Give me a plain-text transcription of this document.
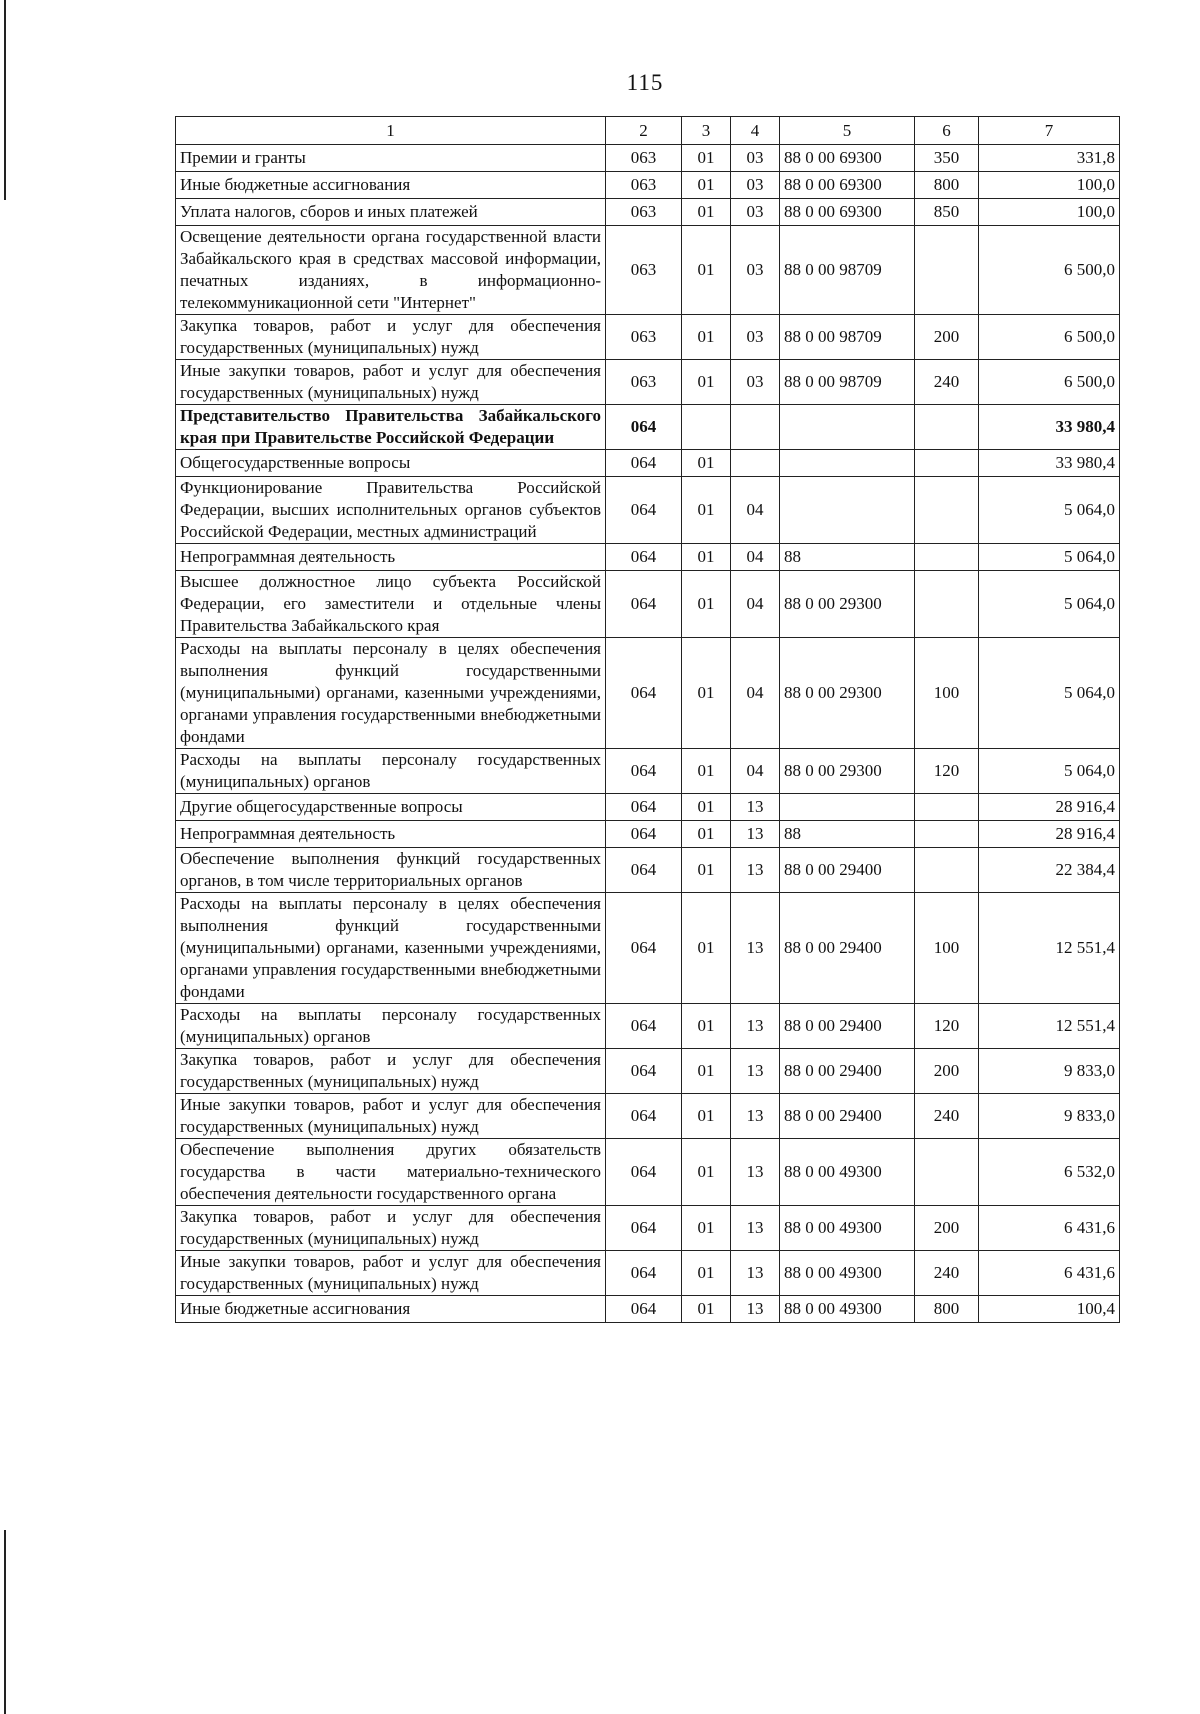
115
1	2	3	4	5	6	7
Премии и гранты	063	01	03	88 0 00 69300	350	331,8
Иные бюджетные ассигнования	063	01	03	88 0 00 69300	800	100,0
Уплата налогов, сборов и иных платежей	063	01	03	88 0 00 69300	850	100,0
Освещение деятельности органа государственной власти Забайкальского края в средствах массовой информации, печатных изданиях, в информационно-телекоммуникационной сети "Интернет"	063	01	03	88 0 00 98709		6 500,0
Закупка товаров, работ и услуг для обеспечения государственных (муниципальных) нужд	063	01	03	88 0 00 98709	200	6 500,0
Иные закупки товаров, работ и услуг для обеспечения государственных (муниципальных) нужд	063	01	03	88 0 00 98709	240	6 500,0
Представительство Правительства Забайкальского края при Правительстве Российской Федерации	064					33 980,4
Общегосударственные вопросы	064	01				33 980,4
Функционирование Правительства Российской Федерации, высших исполнительных органов субъектов Российской Федерации, местных администраций	064	01	04			5 064,0
Непрограммная деятельность	064	01	04	88		5 064,0
Высшее должностное лицо субъекта Российской Федерации, его заместители и отдельные члены Правительства Забайкальского края	064	01	04	88 0 00 29300		5 064,0
Расходы на выплаты персоналу в целях обеспечения выполнения функций государственными (муниципальными) органами, казенными учреждениями, органами управления государственными внебюджетными фондами	064	01	04	88 0 00 29300	100	5 064,0
Расходы на выплаты персоналу государственных (муниципальных) органов	064	01	04	88 0 00 29300	120	5 064,0
Другие общегосударственные вопросы	064	01	13			28 916,4
Непрограммная деятельность	064	01	13	88		28 916,4
Обеспечение выполнения функций государственных органов, в том числе территориальных органов	064	01	13	88 0 00 29400		22 384,4
Расходы на выплаты персоналу в целях обеспечения выполнения функций государственными (муниципальными) органами, казенными учреждениями, органами управления государственными внебюджетными фондами	064	01	13	88 0 00 29400	100	12 551,4
Расходы на выплаты персоналу государственных (муниципальных) органов	064	01	13	88 0 00 29400	120	12 551,4
Закупка товаров, работ и услуг для обеспечения государственных (муниципальных) нужд	064	01	13	88 0 00 29400	200	9 833,0
Иные закупки товаров, работ и услуг для обеспечения государственных (муниципальных) нужд	064	01	13	88 0 00 29400	240	9 833,0
Обеспечение выполнения других обязательств государства в части материально-технического обеспечения деятельности государственного органа	064	01	13	88 0 00 49300		6 532,0
Закупка товаров, работ и услуг для обеспечения государственных (муниципальных) нужд	064	01	13	88 0 00 49300	200	6 431,6
Иные закупки товаров, работ и услуг для обеспечения государственных (муниципальных) нужд	064	01	13	88 0 00 49300	240	6 431,6
Иные бюджетные ассигнования	064	01	13	88 0 00 49300	800	100,4
